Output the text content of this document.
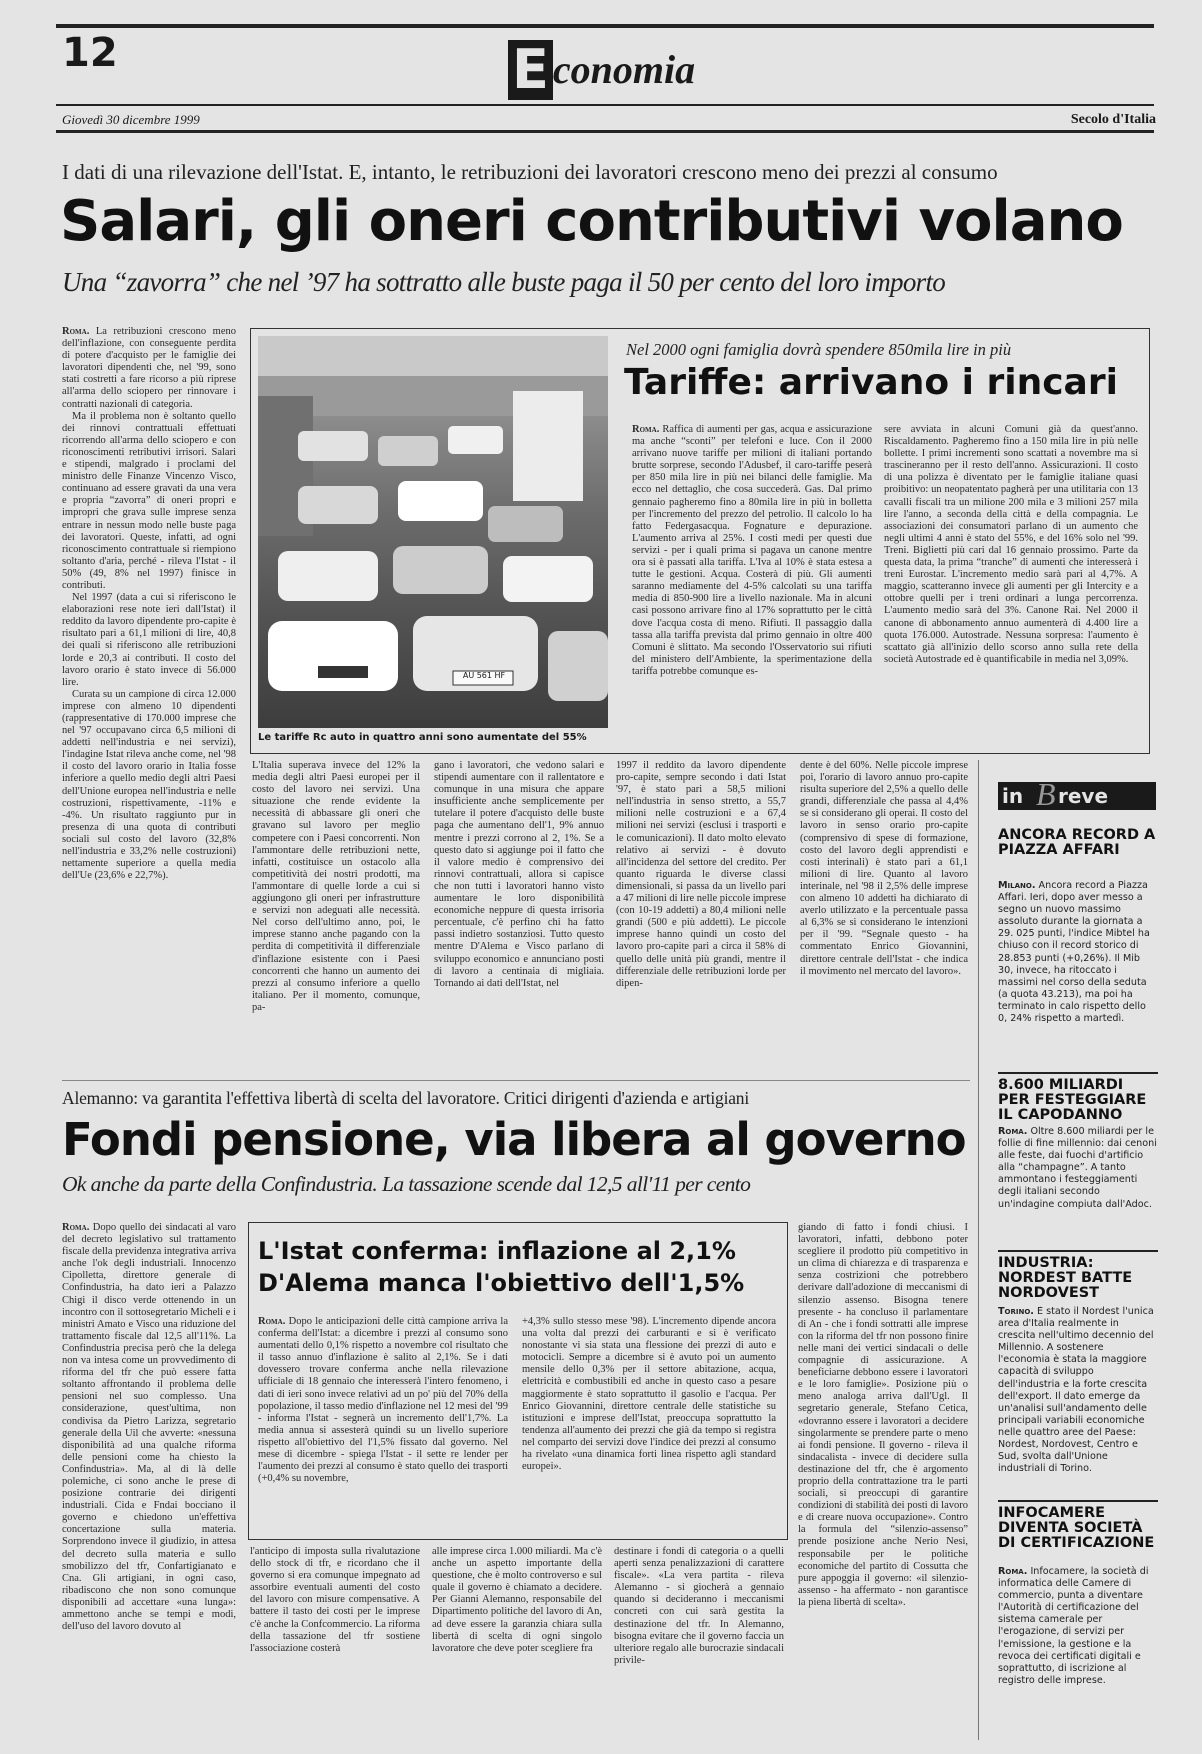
12	E conomia
Giovedì 30 dicembre 1999	Secolo d'Italia
I dati di una rilevazione dell'Istat. E, intanto, le retribuzioni dei lavoratori crescono meno dei prezzi al consumo
Salari, gli oneri contributivi volano
Una “zavorra” che nel ’97 ha sottratto alle buste paga il 50 per cento del loro importo

Roma. La retribuzioni crescono meno dell'inflazione, con conseguente perdita di potere d'acquisto per le famiglie dei lavoratori dipendenti che, nel '99, sono stati costretti a fare ricorso a più riprese all'arma dello sciopero per rinnovare i contratti nazionali di categoria.

Ma il problema non è soltanto quello dei rinnovi contrattuali effettuati ricorrendo all'arma dello sciopero e con riconoscimenti retributivi irrisori. Salari e stipendi, malgrado i proclami del ministro delle Finanze Vincenzo Visco, continuano ad essere gravati da una vera e propria “zavorra” di oneri propri e impropri che grava sulle imprese senza entrare in nessun modo nelle buste paga dei lavoratori. Queste, infatti, ad ogni riconoscimento contrattuale si riempiono soltanto d'aria, perché - rileva l'Istat - il 50% (49, 8% nel 1997) finisce in contributi.

Nel 1997 (data a cui si riferiscono le elaborazioni rese note ieri dall'Istat) il reddito da lavoro dipendente pro-capite è risultato pari a 61,1 milioni di lire, 40,8 dei quali si riferiscono alle retribuzioni lorde e 20,3 ai contributi. Il costo del lavoro orario è stato invece di 56.000 lire.

Curata su un campione di circa 12.000 imprese con almeno 10 dipendenti (rappresentative di 170.000 imprese che nel '97 occupavano circa 6,5 milioni di addetti nell'industria e nei servizi), l'indagine Istat rileva anche come, nel '98 il costo del lavoro orario in Italia fosse inferiore a quello medio degli altri Paesi dell'Unione europea nell'industria e nelle costruzioni, rispettivamente, -11% e -4%. Un risultato raggiunto pur in presenza di una quota di contributi sociali sul costo del lavoro (32,8% nell'industria e 33,2% nelle costruzioni) nettamente superiore a quella media dell'Ue (23,6% e 22,7%).

AU 561 HF
Le tariffe Rc auto in quattro anni sono aumentate del 55%
Nel 2000 ogni famiglia dovrà spendere 850mila lire in più
Tariffe: arrivano i rincari

Roma. Raffica di aumenti per gas, acqua e assicurazione ma anche “sconti” per telefoni e luce. Con il 2000 arrivano nuove tariffe per milioni di italiani portando brutte sorprese, secondo l'Adusbef, il caro-tariffe peserà per 850 mila lire in più nei bilanci delle famiglie. Ma ecco nel dettaglio, che cosa succederà. Gas. Dal primo gennaio pagheremo fino a 80mila lire in più in bolletta per l'incremento del prezzo del petrolio. Il calcolo lo ha fatto Federgasacqua. Fognature e depurazione. L'aumento arriva al 25%. I costi medi per questi due servizi - per i quali prima si pagava un canone mentre ora si è passati alla tariffa. L'Iva al 10% è stata estesa a tutte le gestioni. Acqua. Costerà di più. Gli aumenti saranno mediamente del 4-5% calcolati su una tariffa media di 850-900 lire a livello nazionale. Ma in alcuni casi possono arrivare fino al 17% soprattutto per le città dove l'acqua costa di meno. Rifiuti. Il passaggio dalla tassa alla tariffa prevista dal primo gennaio in oltre 400 Comuni è slittato. Ma secondo l'Osservatorio sui rifiuti del ministero dell'Ambiente, la sperimentazione della tariffa potrebbe comunque es-

sere avviata in alcuni Comuni già da quest'anno. Riscaldamento. Pagheremo fino a 150 mila lire in più nelle bollette. I primi incrementi sono scattati a novembre ma si trascineranno per il resto dell'anno. Assicurazioni. Il costo di una polizza è diventato per le famiglie italiane quasi proibitivo: un neopatentato pagherà per una utilitaria con 13 cavalli fiscali tra un milione 200 mila e 3 milioni 257 mila lire l'anno, a seconda della città e della compagnia. Le associazioni dei consumatori parlano di un aumento che negli ultimi 4 anni è stato del 55%, e del 16% solo nel '99. Treni. Biglietti più cari dal 16 gennaio prossimo. Parte da questa data, la prima “tranche” di aumenti che interesserà i treni Eurostar. L'incremento medio sarà pari al 4,7%. A maggio, scatteranno invece gli aumenti per gli Intercity e a ottobre quelli per i treni ordinari a lunga percorrenza. L'aumento medio sarà del 3%. Canone Rai. Nel 2000 il canone di abbonamento annuo aumenterà di 4.400 lire a quota 176.000. Autostrade. Nessuna sorpresa: l'aumento è scattato già all'inizio dello scorso anno sulla rete della società Autostrade ed è quantificabile in media nel 3,09%.

L'Italia superava invece del 12% la media degli altri Paesi europei per il costo del lavoro nei servizi. Una situazione che rende evidente la necessità di abbassare gli oneri che gravano sul lavoro per meglio competere con i Paesi concorrenti. Non l'ammontare delle retribuzioni nette, infatti, costituisce un ostacolo alla competitività dei nostri prodotti, ma l'ammontare di quelle lorde a cui si aggiungono gli oneri per infrastrutture e servizi non adeguati alle necessità. Nel corso dell'ultimo anno, poi, le imprese stanno anche pagando con la perdita di competitività il differenziale d'inflazione esistente con i Paesi concorrenti che hanno un aumento dei prezzi al consumo inferiore a quello italiano. Per il momento, comunque, pa-

gano i lavoratori, che vedono salari e stipendi aumentare con il rallentatore e comunque in una misura che appare insufficiente anche semplicemente per tutelare il potere d'acquisto delle buste paga che aumentano dell'1, 9% annuo mentre i prezzi corrono al 2, 1%. Se a questo dato si aggiunge poi il fatto che il valore medio è comprensivo dei rinnovi contrattuali, allora si capisce che non tutti i lavoratori hanno visto aumentare le loro disponibilità economiche neppure di questa irrisoria percentuale, c'è perfino chi ha fatto passi indietro sostanziosi. Tutto questo mentre D'Alema e Visco parlano di sviluppo economico e annunciano posti di lavoro a centinaia di migliaia. Tornando ai dati dell'Istat, nel

1997 il reddito da lavoro dipendente pro-capite, sempre secondo i dati Istat '97, è stato pari a 58,5 milioni nell'industria in senso stretto, a 55,7 milioni nelle costruzioni e a 67,4 milioni nei servizi (esclusi i trasporti e le comunicazioni). Il dato molto elevato relativo ai servizi - è dovuto all'incidenza del settore del credito. Per quanto riguarda le diverse classi dimensionali, si passa da un livello pari a 47 milioni di lire nelle piccole imprese (con 10-19 addetti) a 80,4 milioni nelle grandi (500 e più addetti). Le piccole imprese hanno quindi un costo del lavoro pro-capite pari a circa il 58% di quello delle unità più grandi, mentre il differenziale delle retribuzioni lorde per dipen-

dente è del 60%. Nelle piccole imprese poi, l'orario di lavoro annuo pro-capite risulta superiore del 2,5% a quello delle grandi, differenziale che passa al 4,4% se si considerano gli operai. Il costo del lavoro in senso orario pro-capite (comprensivo di spese di formazione, costo del lavoro degli apprendisti e costi interinali) è stato pari a 61,1 milioni di lire. Quanto al lavoro interinale, nel '98 il 2,5% delle imprese con almeno 10 addetti ha dichiarato di averlo utilizzato e la percentuale passa al 6,3% se si considerano le intenzioni per il '99. “Segnale questo - ha commentato Enrico Giovannini, direttore centrale dell'Istat - che indica il movimento nel mercato del lavoro».

in B reve
ANCORA RECORD A PIAZZA AFFARI
Milano. Ancora record a Piazza Affari. Ieri, dopo aver messo a segno un nuovo massimo assoluto durante la giornata a 29. 025 punti, l'indice Mibtel ha chiuso con il record storico di 28.853 punti (+0,26%). Il Mib 30, invece, ha ritoccato i massimi nel corso della seduta (a quota 43.213), ma poi ha terminato in calo rispetto dello 0, 24% rispetto a martedì.
8.600 MILIARDI PER FESTEGGIARE IL CAPODANNO
Roma. Oltre 8.600 miliardi per le follie di fine millennio: dai cenoni alle feste, dai fuochi d'artificio alla “champagne”. A tanto ammontano i festeggiamenti degli italiani secondo un'indagine compiuta dall'Adoc.
INDUSTRIA: NORDEST BATTE NORDOVEST
Torino. È stato il Nordest l'unica area d'Italia realmente in crescita nell'ultimo decennio del Millennio. A sostenere l'economia è stata la maggiore capacità di sviluppo dell'industria e la forte crescita dell'export. Il dato emerge da un'analisi sull'andamento delle principali variabili economiche nelle quattro aree del Paese: Nordest, Nordovest, Centro e Sud, svolta dall'Unione industriali di Torino.
INFOCAMERE DIVENTA SOCIETÀ DI CERTIFICAZIONE
Roma. Infocamere, la società di informatica delle Camere di commercio, punta a diventare l'Autorità di certificazione del sistema camerale per l'erogazione, di servizi per l'emissione, la gestione e la revoca dei certificati digitali e soprattutto, di iscrizione al registro delle imprese.
Alemanno: va garantita l'effettiva libertà di scelta del lavoratore. Critici dirigenti d'azienda e artigiani
Fondi pensione, via libera al governo
Ok anche da parte della Confindustria. La tassazione scende dal 12,5 all'11 per cento

Roma. Dopo quello dei sindacati al varo del decreto legislativo sul trattamento fiscale della previdenza integrativa arriva anche l'ok degli industriali. Innocenzo Cipolletta, direttore generale di Confindustria, ha dato ieri a Palazzo Chigi il disco verde ottenendo in un incontro con il sottosegretario Micheli e i ministri Amato e Visco una riduzione del trattamento fiscale dal 12,5 all'11%. La Confindustria precisa però che la delega non va intesa come un provvedimento di riforma del tfr che può essere fatta soltanto affrontando il problema delle pensioni nel suo complesso. Una considerazione, quest'ultima, non condivisa da Pietro Larizza, segretario generale della Uil che avverte: «nessuna disponibilità ad una qualche riforma delle pensioni come ha chiesto la Confindustria». Ma, al di là delle polemiche, ci sono anche le prese di posizione contrarie dei dirigenti industriali. Cida e Fndai bocciano il governo e chiedono un'effettiva concertazione sulla materia. Sorprendono invece il giudizio, in attesa del decreto sulla materia e sullo smobilizzo del tfr, Confartigianato e Cna. Gli artigiani, in ogni caso, ribadiscono che non sono comunque disponibili ad accettare «una lunga»: ammettono anche se tempi e modi, dell'uso del lavoro dovuto al

L'Istat conferma: inflazione al 2,1%
D'Alema manca l'obiettivo dell'1,5%

Roma. Dopo le anticipazioni delle città campione arriva la conferma dell'Istat: a dicembre i prezzi al consumo sono aumentati dello 0,1% rispetto a novembre col risultato che il tasso annuo d'inflazione è salito al 2,1%. Se i dati dovessero trovare conferma anche nella rilevazione ufficiale di 18 gennaio che interesserà l'intero fenomeno, i dati di ieri sono invece relativi ad un po' più del 70% della popolazione, il tasso medio d'inflazione nel 12 mesi del '99 - informa l'Istat - segnerà un incremento dell'1,7%. La media annua si assesterà quindi su un livello superiore rispetto all'obiettivo del l'1,5% fissato dal governo. Nel mese di dicembre - spiega l'Istat - il sette re lender per l'aumento dei prezzi al consumo è stato quello dei trasporti (+0,4% su novembre,

+4,3% sullo stesso mese '98). L'incremento dipende ancora una volta dal prezzi dei carburanti e si è verificato nonostante vi sia stata una flessione dei prezzi di auto e motocicli. Sempre a dicembre si è avuto poi un aumento mensile dello 0,3% per il settore abitazione, acqua, elettricità e combustibili ed anche in questo caso a pesare maggiormente è stato soprattutto il gasolio e l'acqua. Per Enrico Giovannini, direttore centrale delle statistiche su istituzioni e imprese dell'Istat, preoccupa soprattutto la tendenza all'aumento dei prezzi che già da tempo si registra nel comparto dei servizi dove l'indice dei prezzi al consumo ha rivelato «una dinamica forti linea rispetto agli standard europei».

l'anticipo di imposta sulla rivalutazione dello stock di tfr, e ricordano che il governo si era comunque impegnato ad assorbire eventuali aumenti del costo del lavoro con misure compensative. A battere il tasto dei costi per le imprese c'è anche la Confcommercio. La riforma della tassazione del tfr sostiene l'associazione costerà

alle imprese circa 1.000 miliardi. Ma c'è anche un aspetto importante della questione, che è molto controverso e sul quale il governo è chiamato a decidere. Per Gianni Alemanno, responsabile del Dipartimento politiche del lavoro di An, ad deve essere la garanzia chiara sulla libertà di scelta di ogni singolo lavoratore che deve poter scegliere fra

destinare i fondi di categoria o a quelli aperti senza penalizzazioni di carattere fiscale». «La vera partita - rileva Alemanno - si giocherà a gennaio quando si decideranno i meccanismi concreti con cui sarà gestita la destinazione del tfr. In Alemanno, bisogna evitare che il governo faccia un ulteriore regalo alle burocrazie sindacali privile-

giando di fatto i fondi chiusi. I lavoratori, infatti, debbono poter scegliere il prodotto più competitivo in un clima di chiarezza e di trasparenza e senza costrizioni che potrebbero derivare dall'adozione di meccanismi di silenzio assenso. Bisogna tenere presente - ha concluso il parlamentare di An - che i fondi sottratti alle imprese con la riforma del tfr non possono finire nelle mani dei vertici sindacali o delle compagnie di assicurazione. A beneficiarne debbono essere i lavoratori e le loro famiglie». Posizione più o meno analoga arriva dall'Ugl. Il segretario generale, Stefano Cetica, «dovranno essere i lavoratori a decidere singolarmente se prendere parte o meno ai fondi pensione. Il governo - rileva il sindacalista - invece di decidere sulla destinazione del tfr, che è argomento proprio della contrattazione tra le parti sociali, si preoccupi di garantire condizioni di stabilità dei posti di lavoro e di creare nuova occupazione». Contro la formula del “silenzio-assenso” prende posizione anche Nerio Nesi, responsabile per le politiche economiche del partito di Cossutta che pure appoggia il governo: «il silenzio-assenso - ha affermato - non garantisce la piena libertà di scelta».
